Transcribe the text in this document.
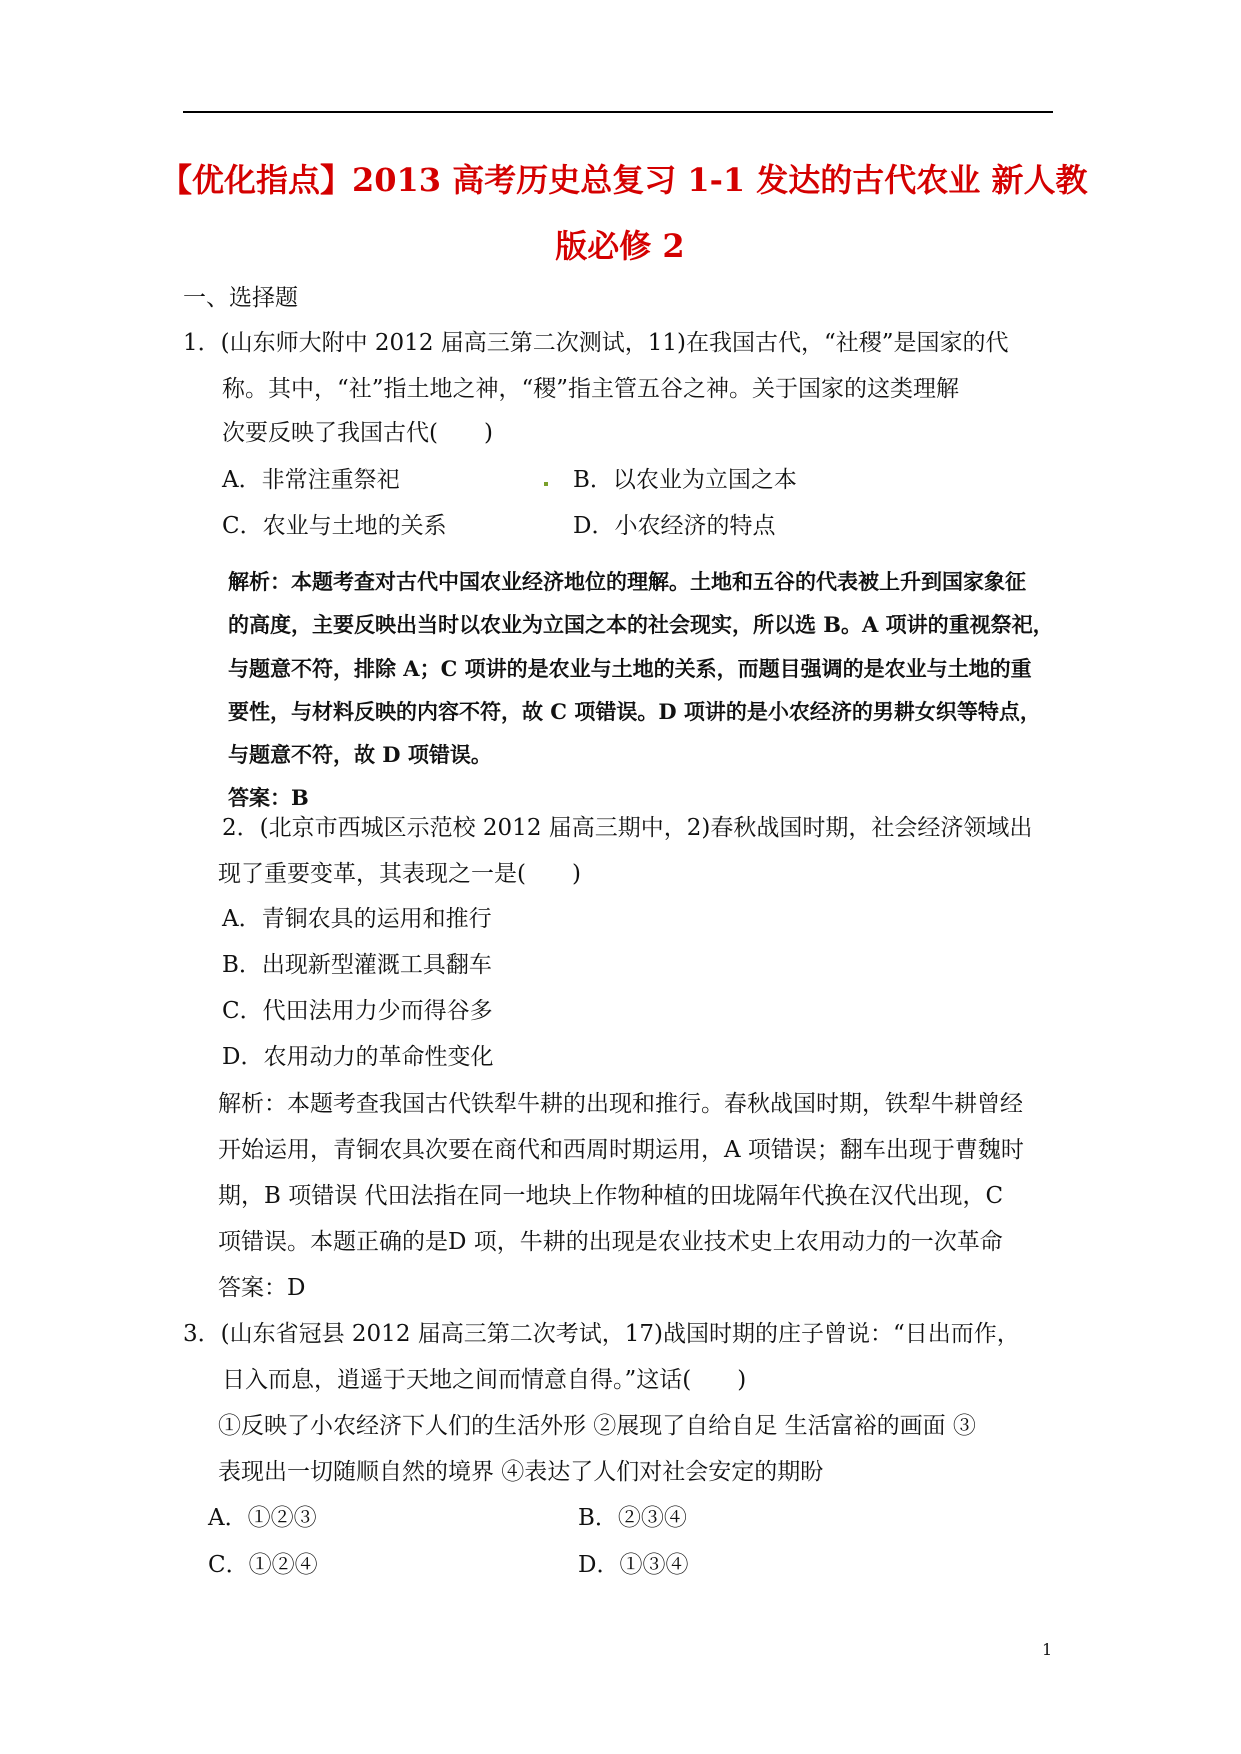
【优化指点】2013 高考历史总复习 1-1 发达的古代农业 新人教
版必修 2
一、选择题
1．(山东师大附中 2012 届高三第二次测试，11)在我国古代，“社稷”是国家的代
称。其中，“社”指土地之神，“稷”指主管五谷之神。关于国家的这类理解
次要反映了我国古代(　　)
A．非常注重祭祀	B．以农业为立国之本
C．农业与土地的关系	D．小农经济的特点
解析：本题考查对古代中国农业经济地位的理解。土地和五谷的代表被上升到国家象征
的高度，主要反映出当时以农业为立国之本的社会现实，所以选 B。A 项讲的重视祭祀，
与题意不符，排除 A；C 项讲的是农业与土地的关系，而题目强调的是农业与土地的重
要性，与材料反映的内容不符，故 C 项错误。D 项讲的是小农经济的男耕女织等特点，
与题意不符，故 D 项错误。
答案：B
2．(北京市西城区示范校 2012 届高三期中，2)春秋战国时期，社会经济领域出
现了重要变革，其表现之一是(　　)
A．青铜农具的运用和推行
B．出现新型灌溉工具翻车
C．代田法用力少而得谷多
D．农用动力的革命性变化
解析：本题考查我国古代铁犁牛耕的出现和推行。春秋战国时期，铁犁牛耕曾经
开始运用，青铜农具次要在商代和西周时期运用，A 项错误；翻车出现于曹魏时
期，B 项错误 代田法指在同一地块上作物种植的田垅隔年代换在汉代出现，C
项错误。本题正确的是D 项，牛耕的出现是农业技术史上农用动力的一次革命
答案：D
3．(山东省冠县 2012 届高三第二次考试，17)战国时期的庄子曾说：“日出而作，
日入而息，逍遥于天地之间而情意自得。”这话(　　)
①反映了小农经济下人们的生活外形 ②展现了自给自足 生活富裕的画面 ③
表现出一切随顺自然的境界 ④表达了人们对社会安定的期盼
A．①②③	B．②③④
C．①②④	D．①③④
1
